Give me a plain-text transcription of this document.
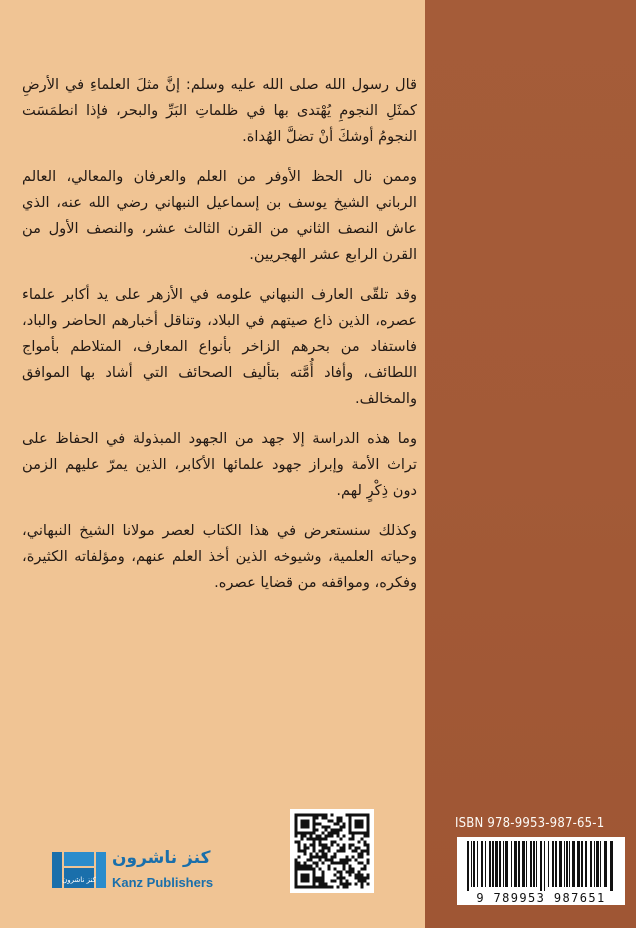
قال رسول الله صلى الله عليه وسلم: إنَّ مثلَ العلماءِ في الأرضِ كمثَلِ النجومِ يُهْتدى بها في ظلماتِ البَرِّ والبحر، فإذا انطمَسَت النجومُ أوشكَ أنْ تضلَّ الهُداة.

وممن نال الحظ الأوفر من العلم والعرفان والمعالي، العالم الرباني الشيخ يوسف بن إسماعيل النبهاني رضي الله عنه، الذي عاش النصف الثاني من القرن الثالث عشر، والنصف الأول من القرن الرابع عشر الهجريين.

وقد تلقّى العارف النبهاني علومه في الأزهر على يد أكابر علماء عصره، الذين ذاع صيتهم في البلاد، وتناقل أخبارهم الحاضر والباد، فاستفاد من بحرهم الزاخر بأنواع المعارف، المتلاطم بأمواج اللطائف، وأفاد أُمَّته بتأليف الصحائف التي أشاد بها الموافق والمخالف.

وما هذه الدراسة إلا جهد من الجهود المبذولة في الحفاظ على تراث الأمة وإبراز جهود علمائها الأكابر، الذين يمرّ عليهم الزمن دون ذِكْرٍ لهم.

وكذلك سنستعرض في هذا الكتاب لعصر مولانا الشيخ النبهاني، وحياته العلمية، وشيوخه الذين أخذ العلم عنهم، ومؤلفاته الكثيرة، وفكره، ومواقفه من قضايا عصره.

ISBN 978-9953-987-65-1
9 789953 987651
كنز ناشرون
كنز ناشرون
Kanz Publishers
